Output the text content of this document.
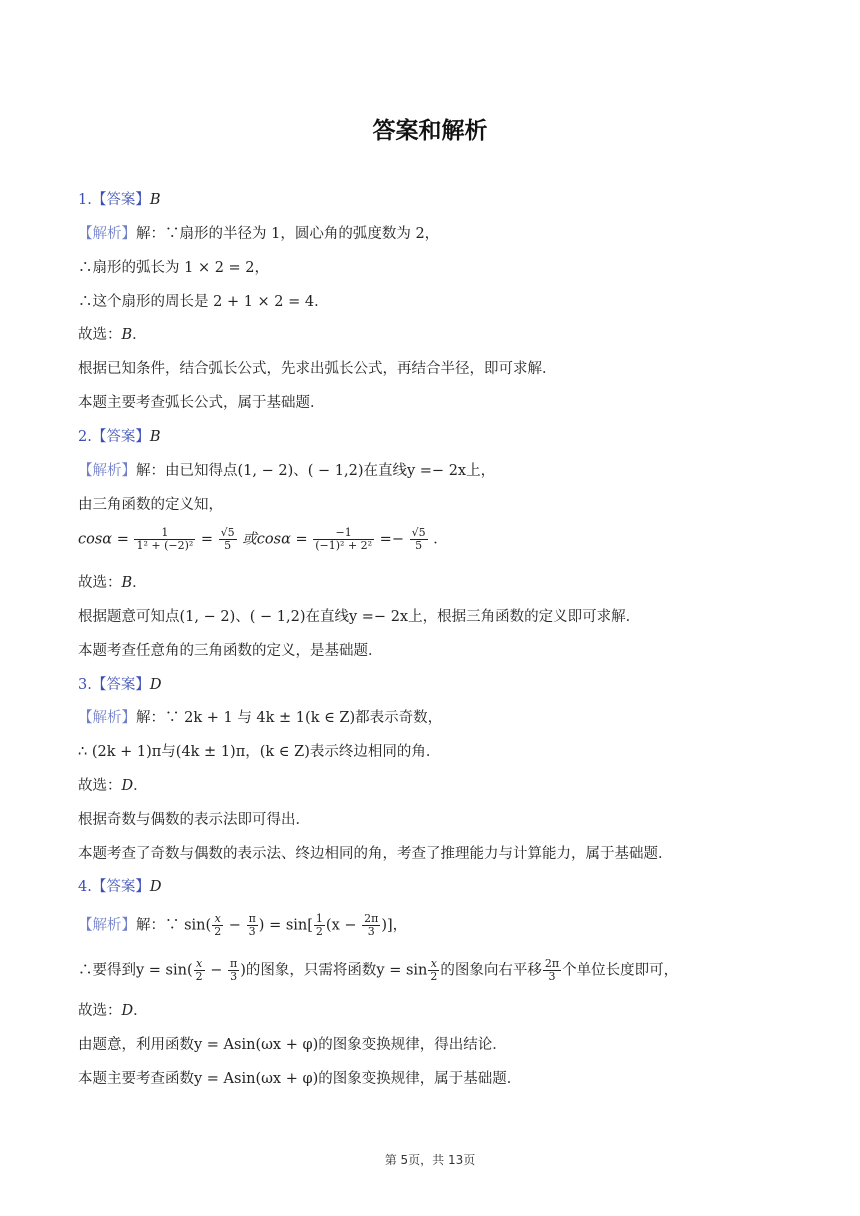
答案和解析
1.【答案】B
【解析】解：∵扇形的半径为 1，圆心角的弧度数为 2，
∴扇形的弧长为 1 × 2 = 2，
∴这个扇形的周长是 2 + 1 × 2 = 4．
故选：B．
根据已知条件，结合弧长公式，先求出弧长公式，再结合半径，即可求解．
本题主要考查弧长公式，属于基础题．
2.【答案】B
【解析】解：由已知得点(1, − 2)、( − 1,2)在直线y =− 2x上，
由三角函数的定义知，
$\cos\alpha = \frac{1}{\text{1² + (−2)²}} = \frac{√5}{5}$ 或$\cos\alpha = \frac{-1}{\text{(−1)² + 2²}} =- \frac{√5}{5}$ ．
故选：B．
根据题意可知点(1, − 2)、( − 1,2)在直线y =− 2x上，根据三角函数的定义即可求解．
本题考查任意角的三角函数的定义，是基础题．
3.【答案】D
【解析】解：∵ 2k + 1 与 4k ± 1(k ∈ Z)都表示奇数，
∴ (2k + 1)π与(4k ± 1)π，(k ∈ Z)表示终边相同的角．
故选：D．
根据奇数与偶数的表示法即可得出．
本题考查了奇数与偶数的表示法、终边相同的角，考查了推理能力与计算能力，属于基础题．
4.【答案】D
【解析】解：∵ $\sin( \frac{x}{2} - \frac{\pi}{3}$ ) = $\sin[ \frac{1}{2} (x - \frac{2\pi}{3}$ )]，
∴要得到$y = \sin( \frac{x}{2} - \frac{\pi}{3}$ )的图象，只需将函数$y = \sin \frac{x}{2}$ 的图象向右平移 $\frac{2\pi}{3}$ 个单位长度即可，
故选：D．
由题意，利用函数y = Asin(ωx + φ)的图象变换规律，得出结论．
本题主要考查函数y = Asin(ωx + φ)的图象变换规律，属于基础题．
第 5页，共 13页
